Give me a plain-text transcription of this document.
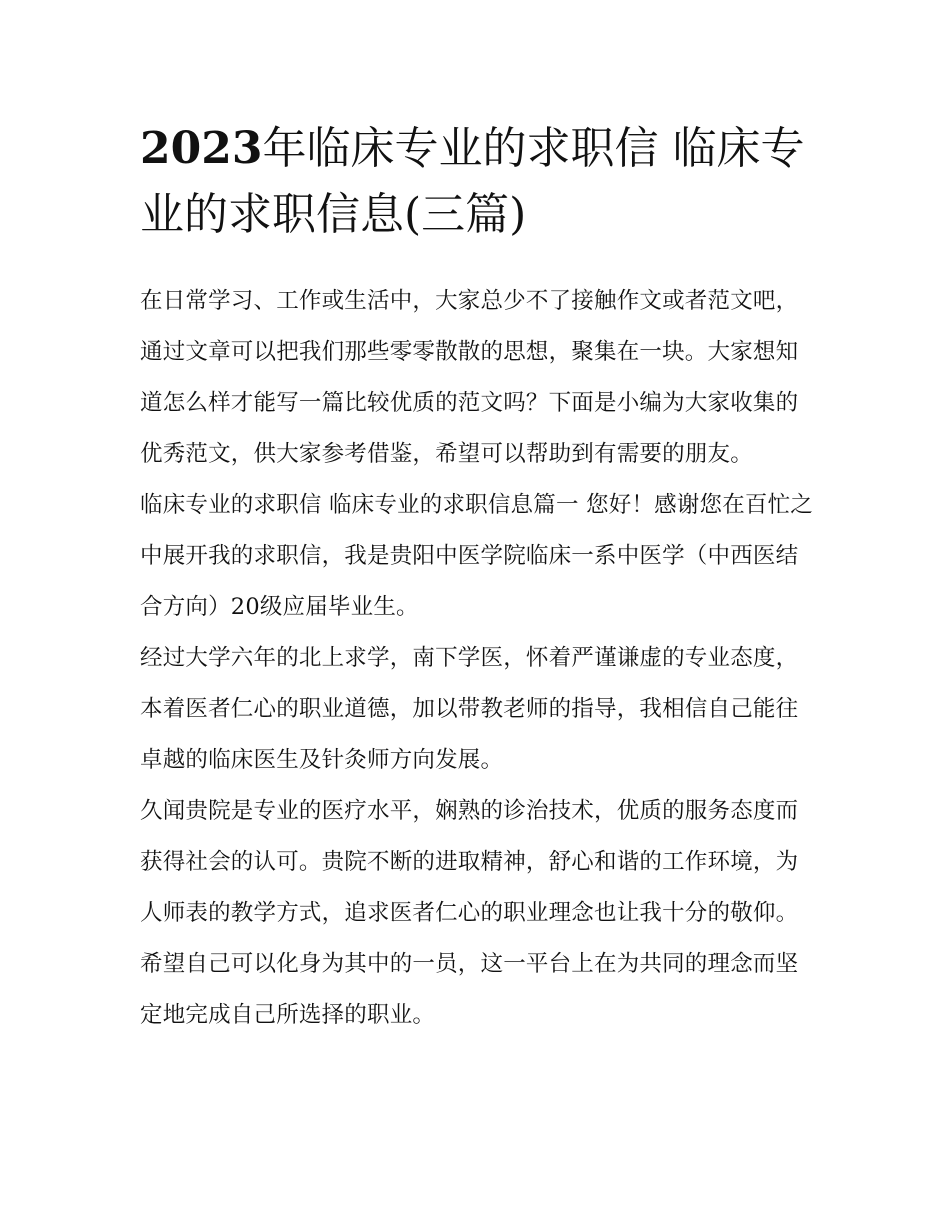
2023年临床专业的求职信 临床专业的求职信息(三篇)

在日常学习、工作或生活中，大家总少不了接触作文或者范文吧，通过文章可以把我们那些零零散散的思想，聚集在一块。大家想知道怎么样才能写一篇比较优质的范文吗？下面是小编为大家收集的优秀范文，供大家参考借鉴，希望可以帮助到有需要的朋友。

临床专业的求职信 临床专业的求职信息篇一 您好！感谢您在百忙之中展开我的求职信，我是贵阳中医学院临床一系中医学（中西医结合方向）20级应届毕业生。

经过大学六年的北上求学，南下学医，怀着严谨谦虚的专业态度，本着医者仁心的职业道德，加以带教老师的指导，我相信自己能往卓越的临床医生及针灸师方向发展。

久闻贵院是专业的医疗水平，娴熟的诊治技术，优质的服务态度而获得社会的认可。贵院不断的进取精神，舒心和谐的工作环境，为人师表的教学方式，追求医者仁心的职业理念也让我十分的敬仰。希望自己可以化身为其中的一员，这一平台上在为共同的理念而坚定地完成自己所选择的职业。
